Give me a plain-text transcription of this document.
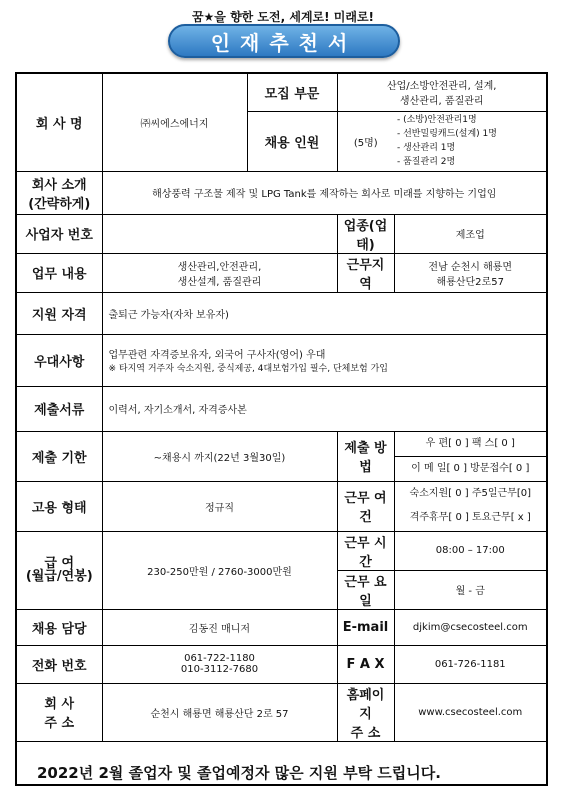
꿈★을 향한 도전, 세계로! 미래로!
인재추천서
회 사 명	㈜씨에스에너지	모집 부문	산업/소방안전관리, 설계,
생산관리, 품질관리	
		채용 인원	(5명)	- (소방)안전관리1명
- 선반밀링캐드(설계) 1명
- 생산관리 1명
- 품질관리 2명

회사 소개
(간략하게)	해상풍력 구조물 제작 및 LPG Tank를 제작하는 회사로 미래를 지향하는 기업임			
사업자 번호			업종(업태)	제조업
업무 내용	생산관리,안전관리,
생산설계, 품질관리		근무지역	전남 순천시 해룡면
해룡산단2로57
지원 자격	출퇴근 가능자(자차 보유자)			
우대사항	업무관련 자격증보유자, 외국어 구사자(영어) 우대
※ 타지역 거주자 숙소지원, 중식제공, 4대보험가입 필수, 단체보험 가입			

제출서류	이력서, 자기소개서, 자격증사본			
제출 기한	~채용시 까지(22년 3월30일)		제출 방법	우 편[ 0 ] 팩 스[ 0 ]
이 메 일[ 0 ] 방문접수[ 0 ]

고용 형태	정규직		근무 여건	숙소지원[ 0 ] 주5일근무[0]
격주휴무[ 0 ] 토요근무[ x ]

급 여
(월급/연봉)	230-250만원 / 2760-3000만원		근무 시간	08:00 – 17:00
			근무 요일	월 - 금
채용 담당	김동진 매니저		E-mail	djkim@csecosteel.com
전화 번호	061-722-1180
010-3112-7680		F A X	061-726-1181
회 사
주 소	순천시 해룡면 해룡산단 2로 57		홈페이지
주 소	www.csecosteel.com
2022년 2월 졸업자 및 졸업예정자 많은 지원 부탁 드립니다.				
